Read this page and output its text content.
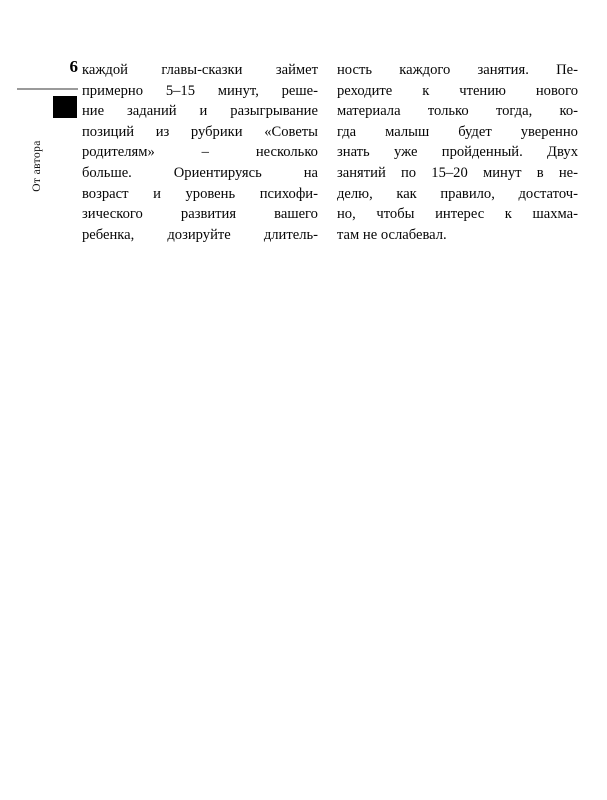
6
От автора

каждой главы-сказки займет
примерно 5–15 минут, реше-
ние заданий и разыгрывание
позиций из рубрики «Советы
родителям»	–	несколько
больше.	Ориентируясь	на
возраст и уровень психофи-
зического	развития	вашего
ребенка, дозируйте длитель-

ность каждого занятия. Пе-
реходите к чтению нового
материала только тогда, ко-
гда малыш будет уверенно
знать уже пройденный. Двух
занятий по 15–20 минут в не-
делю, как правило, достаточ-
но, чтобы интерес к шахма-
там не ослабевал.
